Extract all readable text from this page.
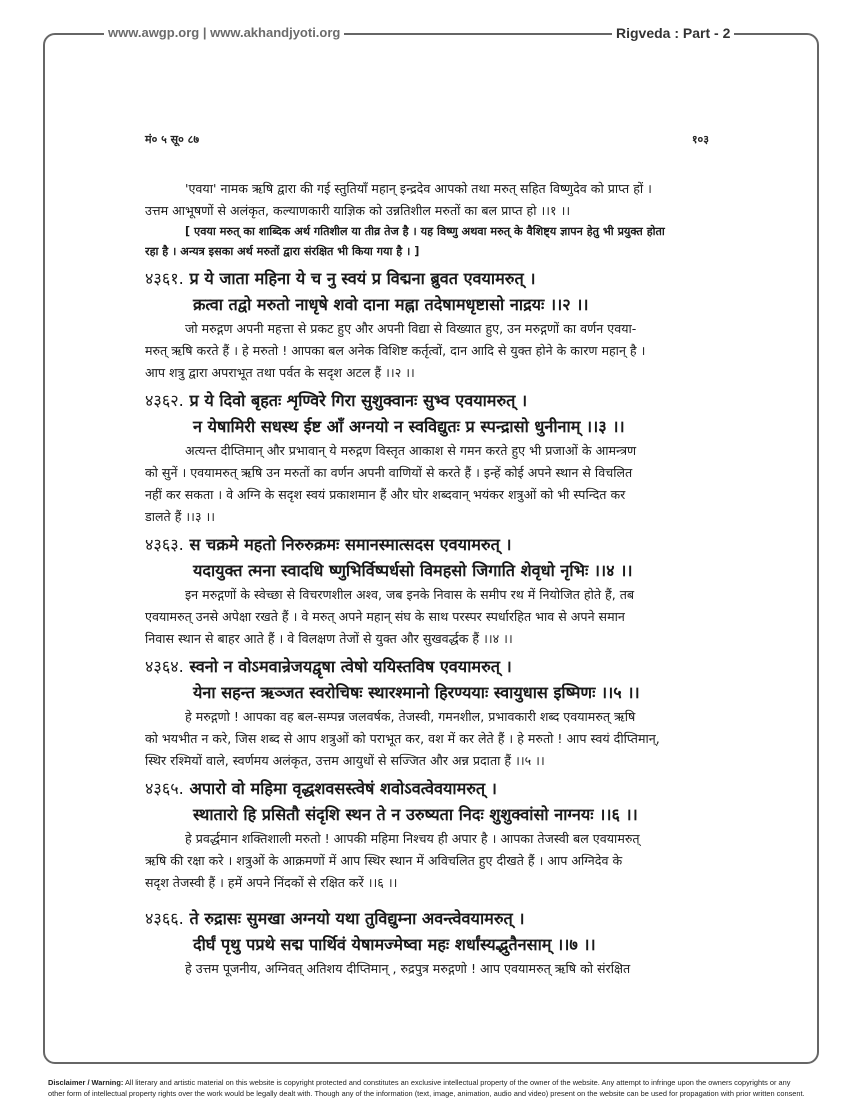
www.awgp.org | www.akhandjyoti.org	Rigveda : Part - 2
मं० ५ सू० ८७	१०३
'एवया' नामक ऋषि द्वारा की गई स्तुतियाँ महान् इन्द्रदेव आपको तथा मरुत् सहित विष्णुदेव को प्राप्त हों ।
उत्तम आभूषणों से अलंकृत, कल्याणकारी याज्ञिक को उन्नतिशील मरुतों का बल प्राप्त हो ।।१ ।।
[ एवया मरुत् का शाब्दिक अर्थ गतिशील या तीव्र तेज है । यह विष्णु अथवा मरुत् के वैशिष्ट्य ज्ञापन हेतु भी प्रयुक्त होता
रहा है । अन्यत्र इसका अर्थ मरुतों द्वारा संरक्षित भी किया गया है । ]
४३६१. प्र ये जाता महिना ये च नु स्वयं प्र विद्मना ब्रुवत एवयामरुत् ।
क्रत्वा तद्वो मरुतो नाधृषे शवो दाना मह्ना तदेषामधृष्टासो नाद्रयः ।।२ ।।
जो मरुद्गण अपनी महत्ता से प्रकट हुए और अपनी विद्या से विख्यात हुए, उन मरुद्गणों का वर्णन एवया-
मरुत् ऋषि करते हैं । हे मरुतो ! आपका बल अनेक विशिष्ट कर्तृत्वों, दान आदि से युक्त होने के कारण महान् है ।
आप शत्रु द्वारा अपराभूत तथा पर्वत के सदृश अटल हैं ।।२ ।।
४३६२. प्र ये दिवो बृहतः शृण्विरे गिरा सुशुक्वानः सुभ्व एवयामरुत् ।
न येषामिरी सधस्थ ईष्ट आँ अग्नयो न स्वविद्युतः प्र स्पन्द्रासो धुनीनाम् ।।३ ।।
अत्यन्त दीप्तिमान् और प्रभावान् ये मरुद्गण विस्तृत आकाश से गमन करते हुए भी प्रजाओं के आमन्त्रण
को सुनें । एवयामरुत् ऋषि उन मरुतों का वर्णन अपनी वाणियों से करते हैं । इन्हें कोई अपने स्थान से विचलित
नहीं कर सकता । वे अग्नि के सदृश स्वयं प्रकाशमान हैं और घोर शब्दवान् भयंकर शत्रुओं को भी स्पन्दित कर
डालते हैं ।।३ ।।
४३६३. स चक्रमे महतो निरुरुक्रमः समानस्मात्सदस एवयामरुत् ।
यदायुक्त त्मना स्वादधि ष्णुभिर्विष्पर्धसो विमहसो जिगाति शेवृधो नृभिः ।।४ ।।
इन मरुद्गणों के स्वेच्छा से विचरणशील अश्व, जब इनके निवास के समीप रथ में नियोजित होते हैं, तब
एवयामरुत् उनसे अपेक्षा रखते हैं । वे मरुत् अपने महान् संघ के साथ परस्पर स्पर्धारहित भाव से अपने समान
निवास स्थान से बाहर आते हैं । वे विलक्षण तेजों से युक्त और सुखवर्द्धक हैं ।।४ ।।
४३६४. स्वनो न वोऽमवान्रेजयद्वृषा त्वेषो ययिस्तविष एवयामरुत् ।
येना सहन्त ऋञ्जत स्वरोचिषः स्थारश्मानो हिरण्ययाः स्वायुधास इष्मिणः ।।५ ।।
हे मरुद्गणो ! आपका वह बल-सम्पन्न जलवर्षक, तेजस्वी, गमनशील, प्रभावकारी शब्द एवयामरुत् ऋषि
को भयभीत न करे, जिस शब्द से आप शत्रुओं को पराभूत कर, वश में कर लेते हैं । हे मरुतो ! आप स्वयं दीप्तिमान्,
स्थिर रश्मियों वाले, स्वर्णमय अलंकृत, उत्तम आयुधों से सज्जित और अन्न प्रदाता हैं ।।५ ।।
४३६५. अपारो वो महिमा वृद्धशवसस्त्वेषं शवोऽवत्वेवयामरुत् ।
स्थातारो हि प्रसितौ संदृशि स्थन ते न उरुष्यता निदः शुशुक्वांसो नाग्नयः ।।६ ।।
हे प्रवर्द्धमान शक्तिशाली मरुतो ! आपकी महिमा निश्चय ही अपार है । आपका तेजस्वी बल एवयामरुत्
ऋषि की रक्षा करे । शत्रुओं के आक्रमणों में आप स्थिर स्थान में अविचलित हुए दीखते हैं । आप अग्निदेव के
सदृश तेजस्वी हैं । हमें अपने निंदकों से रक्षित करें ।।६ ।।
४३६६. ते रुद्रासः सुमखा अग्नयो यथा तुविद्युम्ना अवन्त्वेवयामरुत् ।
दीर्घं पृथु पप्रथे सद्म पार्थिवं येषामज्मेष्वा महः शर्धांस्यद्भुतैनसाम् ।।७ ।।
हे उत्तम पूजनीय, अग्निवत् अतिशय दीप्तिमान् , रुद्रपुत्र मरुद्गणो ! आप एवयामरुत् ऋषि को संरक्षित
Disclaimer / Warning: All literary and artistic material on this website is copyright protected and constitutes an exclusive intellectual property of the owner of the website. Any attempt to infringe upon the owners copyrights or any
other form of intellectual property rights over the work would be legally dealt with. Though any of the information (text, image, animation, audio and video) present on the website can be used for propagation with prior written consent.
